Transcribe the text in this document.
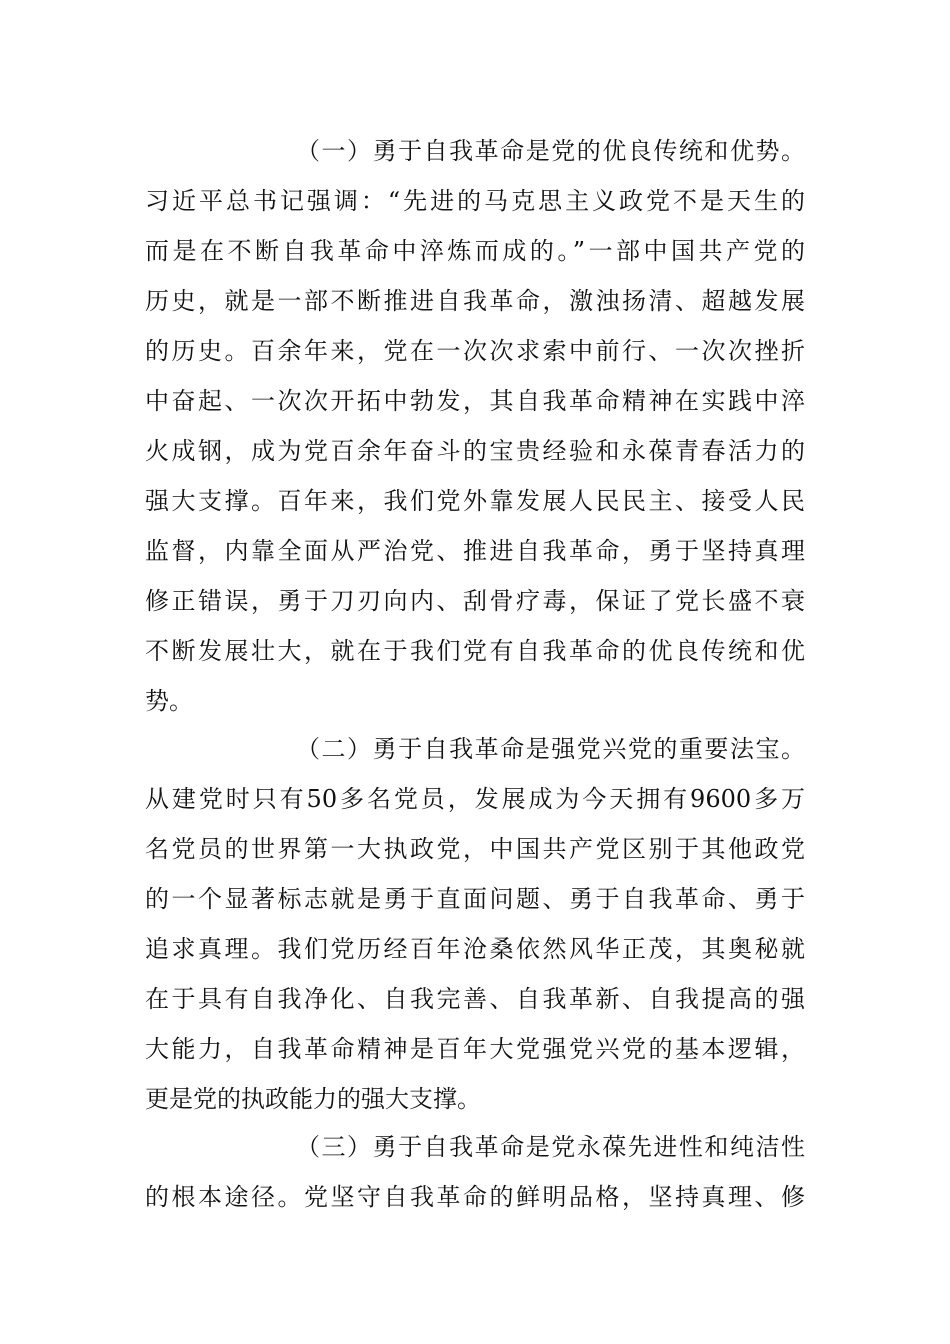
（一）勇于自我革命是党的优良传统和优势。
习近平总书记强调：“先进的马克思主义政党不是天生的
而是在不断自我革命中淬炼而成的。”一部中国共产党的
历史，就是一部不断推进自我革命，激浊扬清、超越发展
的历史。百余年来，党在一次次求索中前行、一次次挫折
中奋起、一次次开拓中勃发，其自我革命精神在实践中淬
火成钢，成为党百余年奋斗的宝贵经验和永葆青春活力的
强大支撑。百年来，我们党外靠发展人民民主、接受人民
监督，内靠全面从严治党、推进自我革命，勇于坚持真理
修正错误，勇于刀刃向内、刮骨疗毒，保证了党长盛不衰
不断发展壮大，就在于我们党有自我革命的优良传统和优
势。
（二）勇于自我革命是强党兴党的重要法宝。
从建党时只有50多名党员，发展成为今天拥有9600多万
名党员的世界第一大执政党，中国共产党区别于其他政党
的一个显著标志就是勇于直面问题、勇于自我革命、勇于
追求真理。我们党历经百年沧桑依然风华正茂，其奥秘就
在于具有自我净化、自我完善、自我革新、自我提高的强
大能力，自我革命精神是百年大党强党兴党的基本逻辑，
更是党的执政能力的强大支撑。
（三）勇于自我革命是党永葆先进性和纯洁性
的根本途径。党坚守自我革命的鲜明品格，坚持真理、修
